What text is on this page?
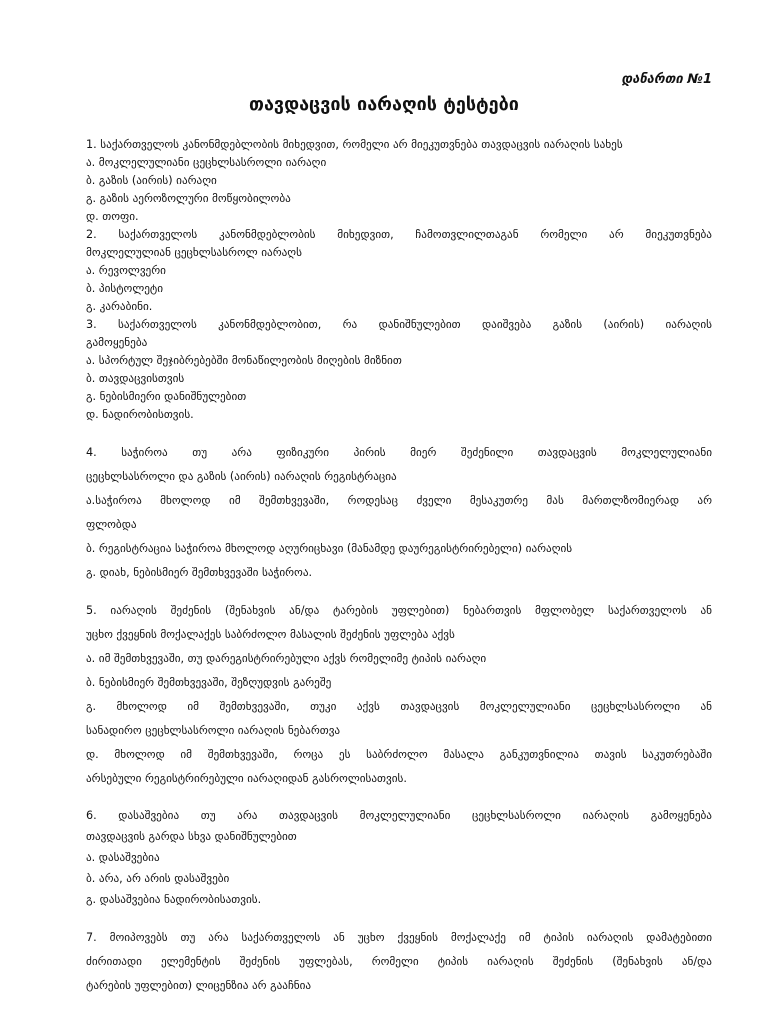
დანართი №1
თავდაცვის იარაღის ტესტები
1. საქართველოს კანონმდებლობის მიხედვით, რომელი არ მიეკუთვნება თავდაცვის იარაღის სახეს
ა. მოკლელულიანი ცეცხლსასროლი იარაღი
ბ. გაზის (აირის) იარაღი
გ. გაზის აეროზოლური მოწყობილობა
დ. თოფი.
2. საქართველოს კანონმდებლობის მიხედვით, ჩამოთვლილთაგან რომელი არ მიეკუთვნება
მოკლელულიან ცეცხლსასროლ იარაღს
ა. რევოლვერი
ბ. პისტოლეტი
გ. კარაბინი.
3. საქართველოს კანონმდებლობით, რა დანიშნულებით დაიშვება გაზის (აირის) იარაღის
გამოყენება
ა. სპორტულ შეჯიბრებებში მონაწილეობის მიღების მიზნით
ბ. თავდაცვისთვის
გ. ნებისმიერი დანიშნულებით
დ. ნადირობისთვის.
4. საჭიროა თუ არა ფიზიკური პირის მიერ შეძენილი თავდაცვის მოკლელულიანი
ცეცხლსასროლი და გაზის (აირის) იარაღის რეგისტრაცია
ა.საჭიროა მხოლოდ იმ შემთხვევაში, როდესაც ძველი მესაკუთრე მას მართლზომიერად არ
ფლობდა
ბ. რეგისტრაცია საჭიროა მხოლოდ აღურიცხავი (მანამდე დაურეგისტრირებელი) იარაღის
გ. დიახ, ნებისმიერ შემთხვევაში საჭიროა.
5. იარაღის შეძენის (შენახვის ან/და ტარების უფლებით) ნებართვის მფლობელ საქართველოს ან
უცხო ქვეყნის მოქალაქეს საბრძოლო მასალის შეძენის უფლება აქვს
ა. იმ შემთხვევაში, თუ დარეგისტრირებული აქვს რომელიმე ტიპის იარაღი
ბ. ნებისმიერ შემთხვევაში, შეზღუდვის გარეშე
გ. მხოლოდ იმ შემთხვევაში, თუკი აქვს თავდაცვის მოკლელულიანი ცეცხლსასროლი ან
სანადირო ცეცხლსასროლი იარაღის ნებართვა
დ. მხოლოდ იმ შემთხვევაში, როცა ეს საბრძოლო მასალა განკუთვნილია თავის საკუთრებაში
არსებული რეგისტრირებული იარაღიდან გასროლისათვის.
6. დასაშვებია თუ არა თავდაცვის მოკლელულიანი ცეცხლსასროლი იარაღის გამოყენება
თავდაცვის გარდა სხვა დანიშნულებით
ა. დასაშვებია
ბ. არა, არ არის დასაშვები
გ. დასაშვებია ნადირობისათვის.
7. მოიპოვებს თუ არა საქართველოს ან უცხო ქვეყნის მოქალაქე იმ ტიპის იარაღის დამატებითი
ძირითადი ელემენტის შეძენის უფლებას, რომელი ტიპის იარაღის შეძენის (შენახვის ან/და
ტარების უფლებით) ლიცენზია არ გააჩნია
